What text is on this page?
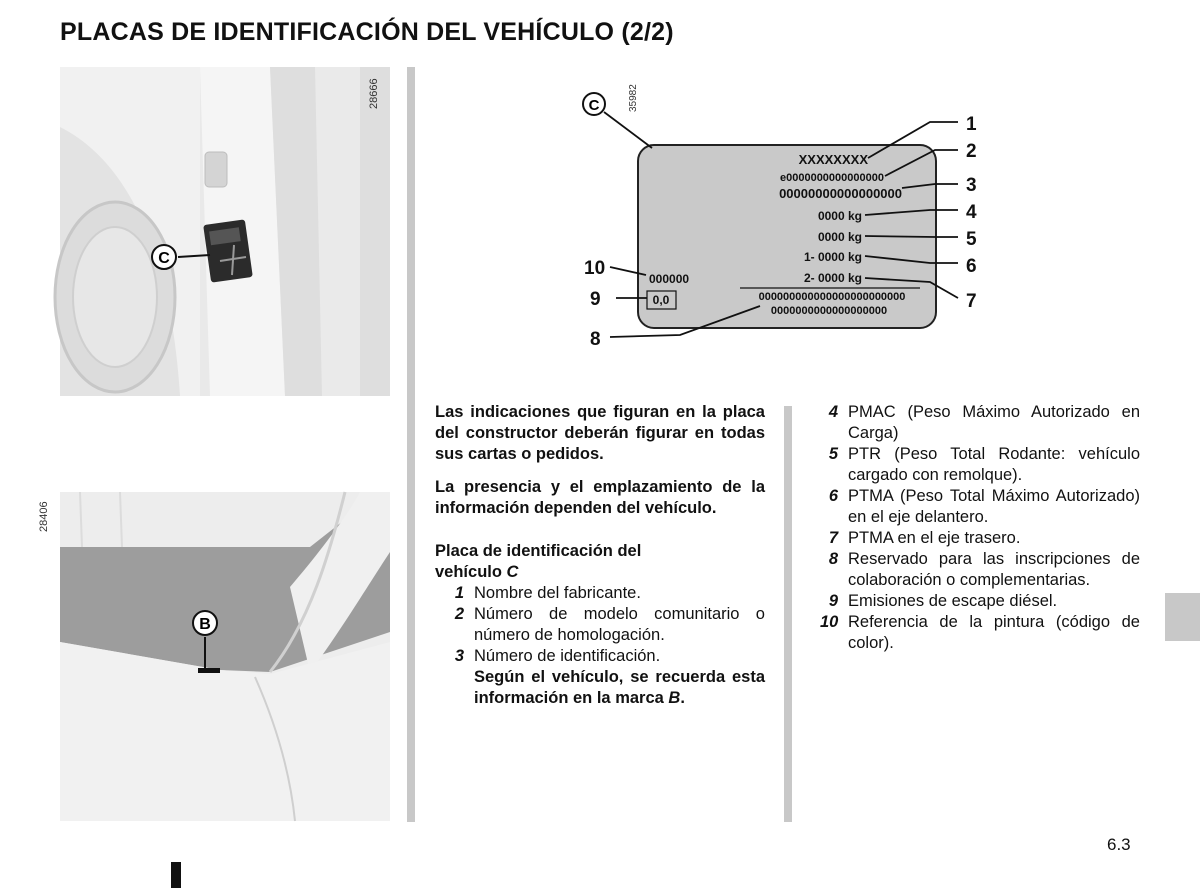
PLACAS DE IDENTIFICACIÓN DEL VEHÍCULO (2/2)
C
28666
B
28406
35982
C
XXXXXXXX
e0000000000000000
00000000000000000
0000 kg
0000 kg
1- 0000 kg
2- 0000 kg
000000
000000000000000000000000
0000000000000000000
0,0
1
2
3
4
5
6
7
8
9
10

Las indicaciones que figuran en la placa del constructor deberán figurar en todas sus cartas o pedidos.

La presencia y el emplazamiento de la información dependen del vehículo.

Placa de identificación del
vehículo C
1 Nombre del fabricante.
2 Número de modelo comunitario o número de homologación.
3 Número de identificación.
Según el vehículo, se recuerda esta información en la marca B.
4 PMAC (Peso Máximo Autorizado en Carga)
5 PTR (Peso Total Rodante: vehículo cargado con remolque).
6 PTMA (Peso Total Máximo Autorizado) en el eje delantero.
7 PTMA en el eje trasero.
8 Reservado para las inscripciones de colaboración o complementarias.
9 Emisiones de escape diésel.
10 Referencia de la pintura (código de color).
6.3
